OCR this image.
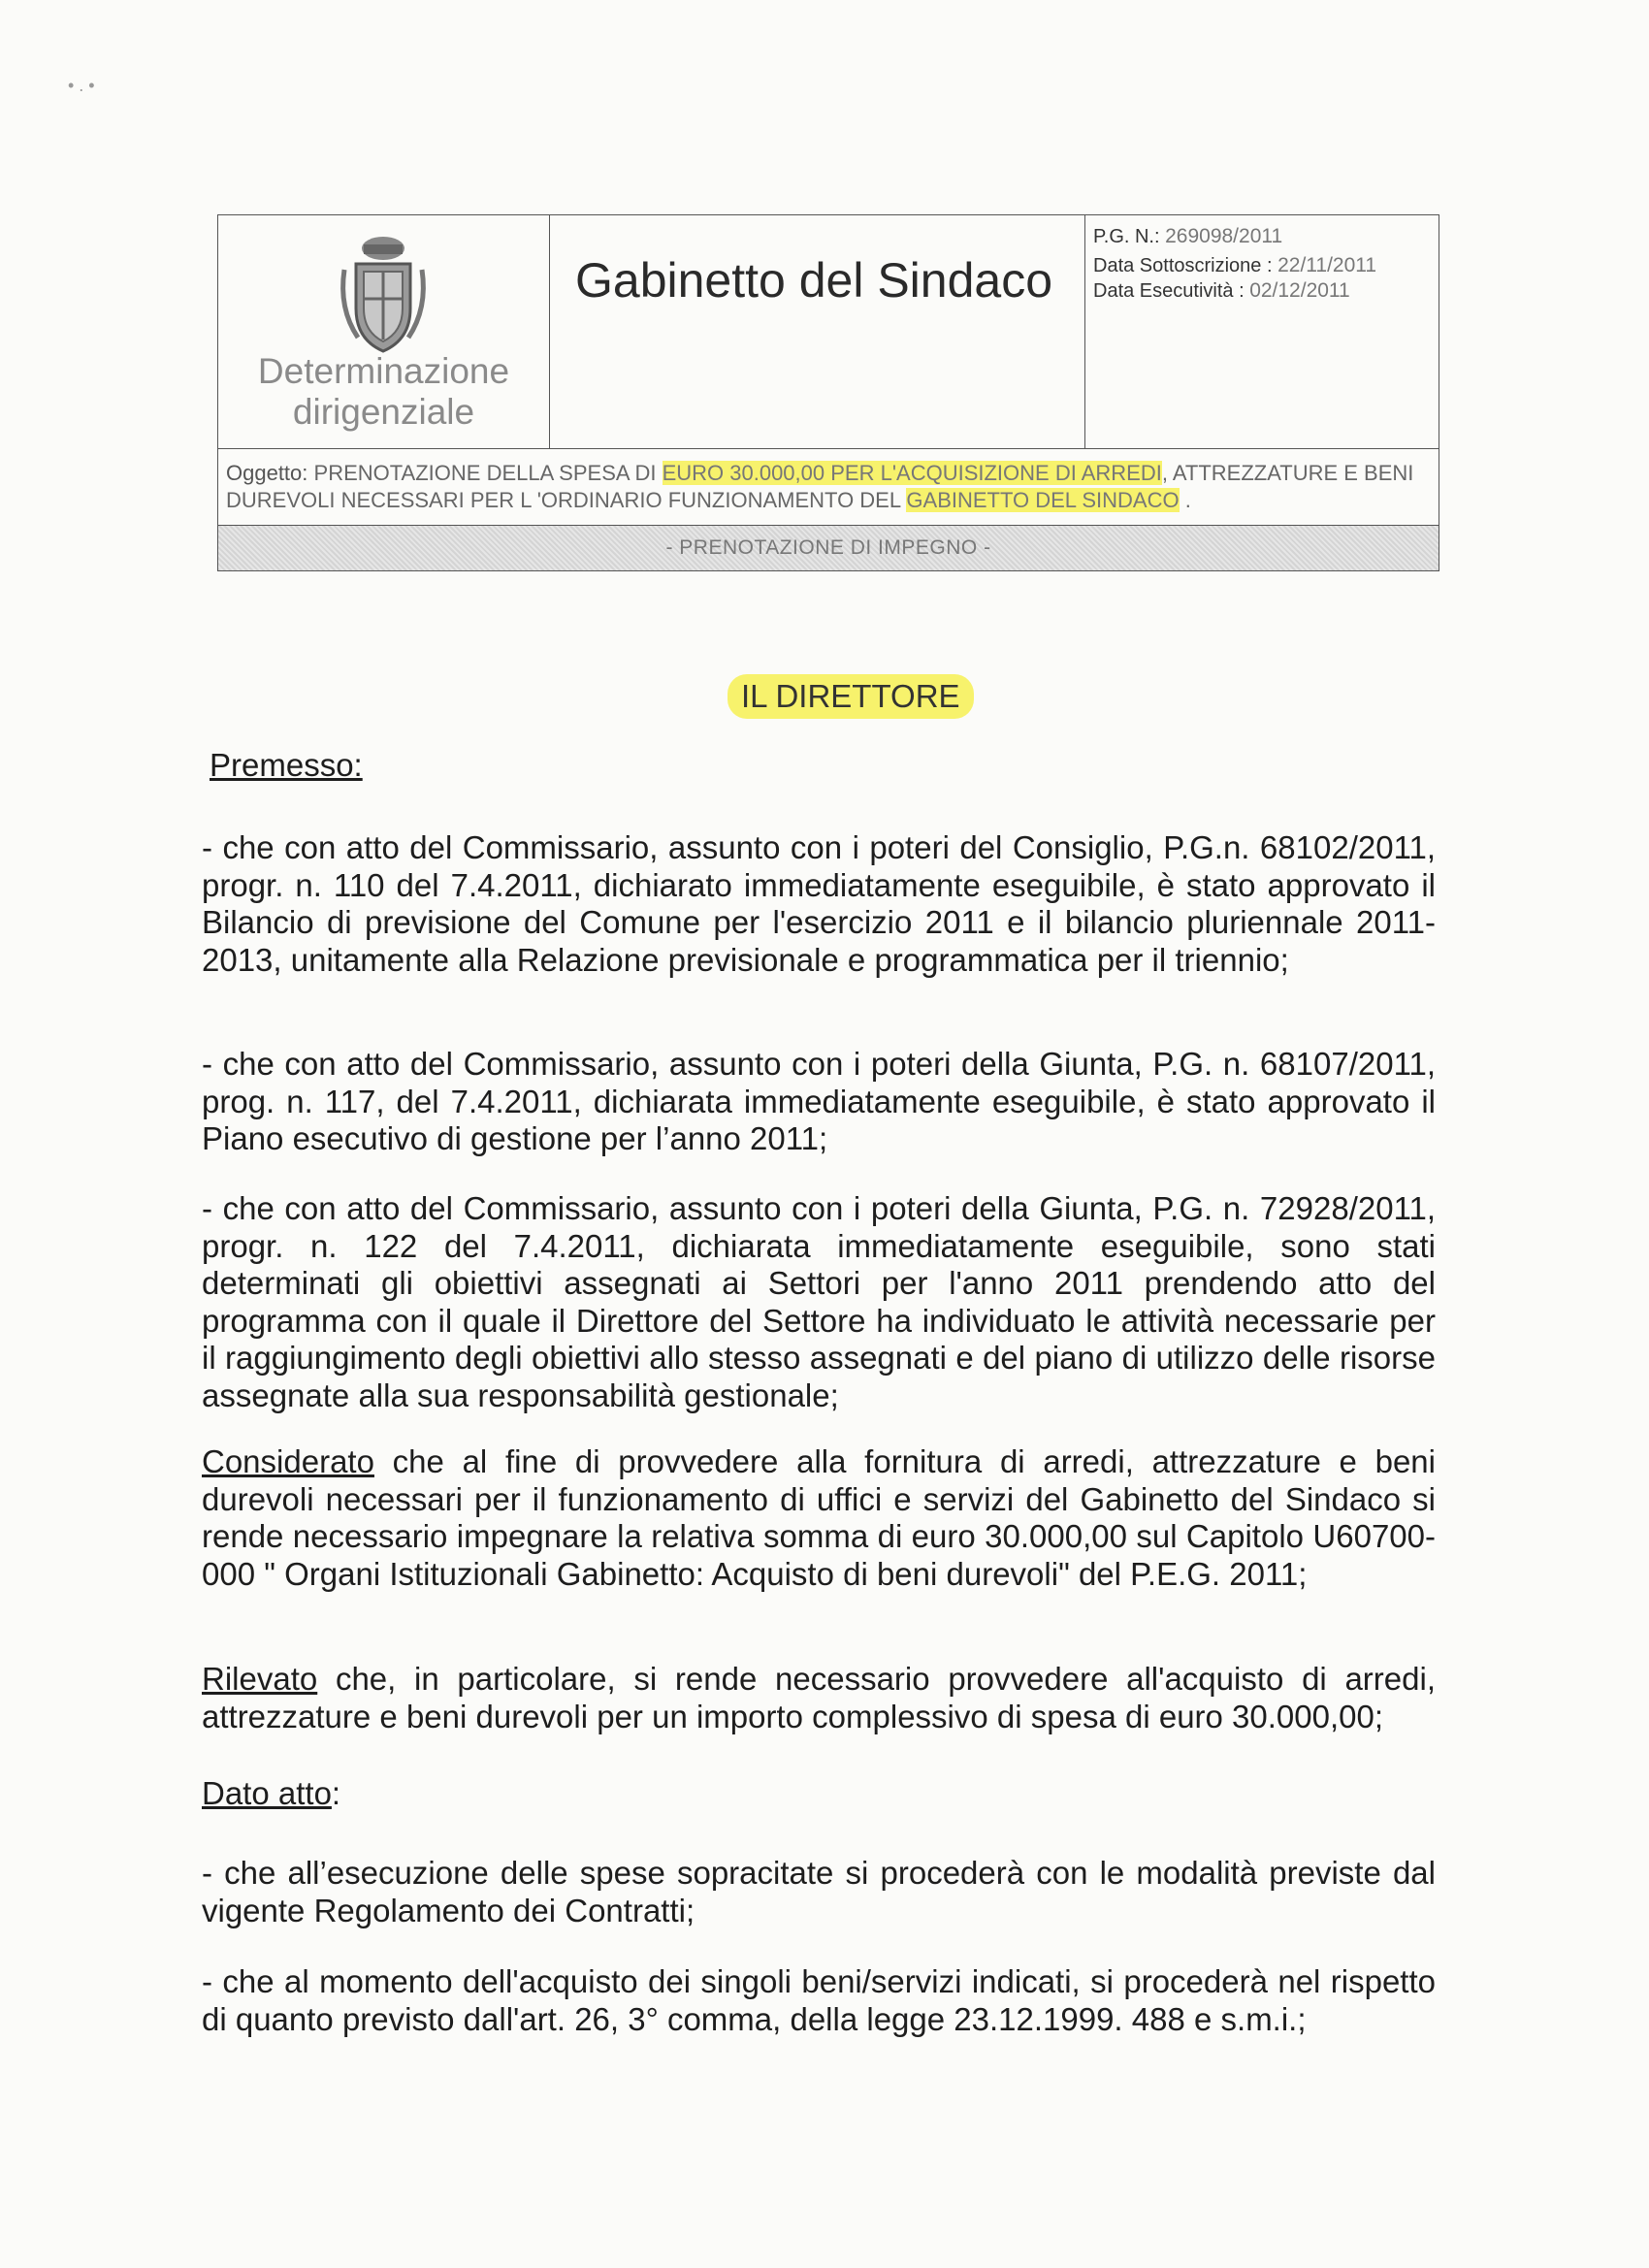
• . •
Determinazione
dirigenziale
Gabinetto del Sindaco
P.G. N.: 269098/2011
Data Sottoscrizione : 22/11/2011
Data Esecutività : 02/12/2011
Oggetto: PRENOTAZIONE DELLA SPESA DI EURO 30.000,00 PER L'ACQUISIZIONE DI ARREDI, ATTREZZATURE E BENI DUREVOLI NECESSARI PER L 'ORDINARIO FUNZIONAMENTO DEL GABINETTO DEL SINDACO .
- PRENOTAZIONE DI IMPEGNO -
IL DIRETTORE
Premesso:
- che con atto del Commissario, assunto con i poteri del Consiglio, P.G.n. 68102/2011, progr. n. 110 del 7.4.2011, dichiarato immediatamente eseguibile, è stato approvato il Bilancio di previsione del Comune per l'esercizio 2011 e il bilancio pluriennale 2011-2013, unitamente alla Relazione previsionale e programmatica per il triennio;
- che con atto del Commissario, assunto con i poteri della Giunta, P.G. n. 68107/2011, prog. n. 117, del 7.4.2011, dichiarata immediatamente eseguibile, è stato approvato il Piano esecutivo di gestione per l’anno 2011;
- che con atto del Commissario, assunto con i poteri della Giunta, P.G. n. 72928/2011, progr. n. 122 del 7.4.2011, dichiarata immediatamente eseguibile, sono stati determinati gli obiettivi assegnati ai Settori per l'anno 2011 prendendo atto del programma con il quale il Direttore del Settore ha individuato le attività necessarie per il raggiungimento degli obiettivi allo stesso assegnati e del piano di utilizzo delle risorse assegnate alla sua responsabilità gestionale;
Considerato che al fine di provvedere alla fornitura di arredi, attrezzature e beni durevoli necessari per il funzionamento di uffici e servizi del Gabinetto del Sindaco si rende necessario impegnare la relativa somma di euro 30.000,00 sul Capitolo U60700-000 " Organi Istituzionali Gabinetto: Acquisto di beni durevoli" del P.E.G. 2011;
Rilevato che, in particolare, si rende necessario provvedere all'acquisto di arredi, attrezzature e beni durevoli per un importo complessivo di spesa di euro 30.000,00;
Dato atto:
- che all’esecuzione delle spese sopracitate si procederà con le modalità previste dal vigente Regolamento dei Contratti;
- che al momento dell'acquisto dei singoli beni/servizi indicati, si procederà nel rispetto di quanto previsto dall'art. 26, 3° comma, della legge 23.12.1999. 488 e s.m.i.;
